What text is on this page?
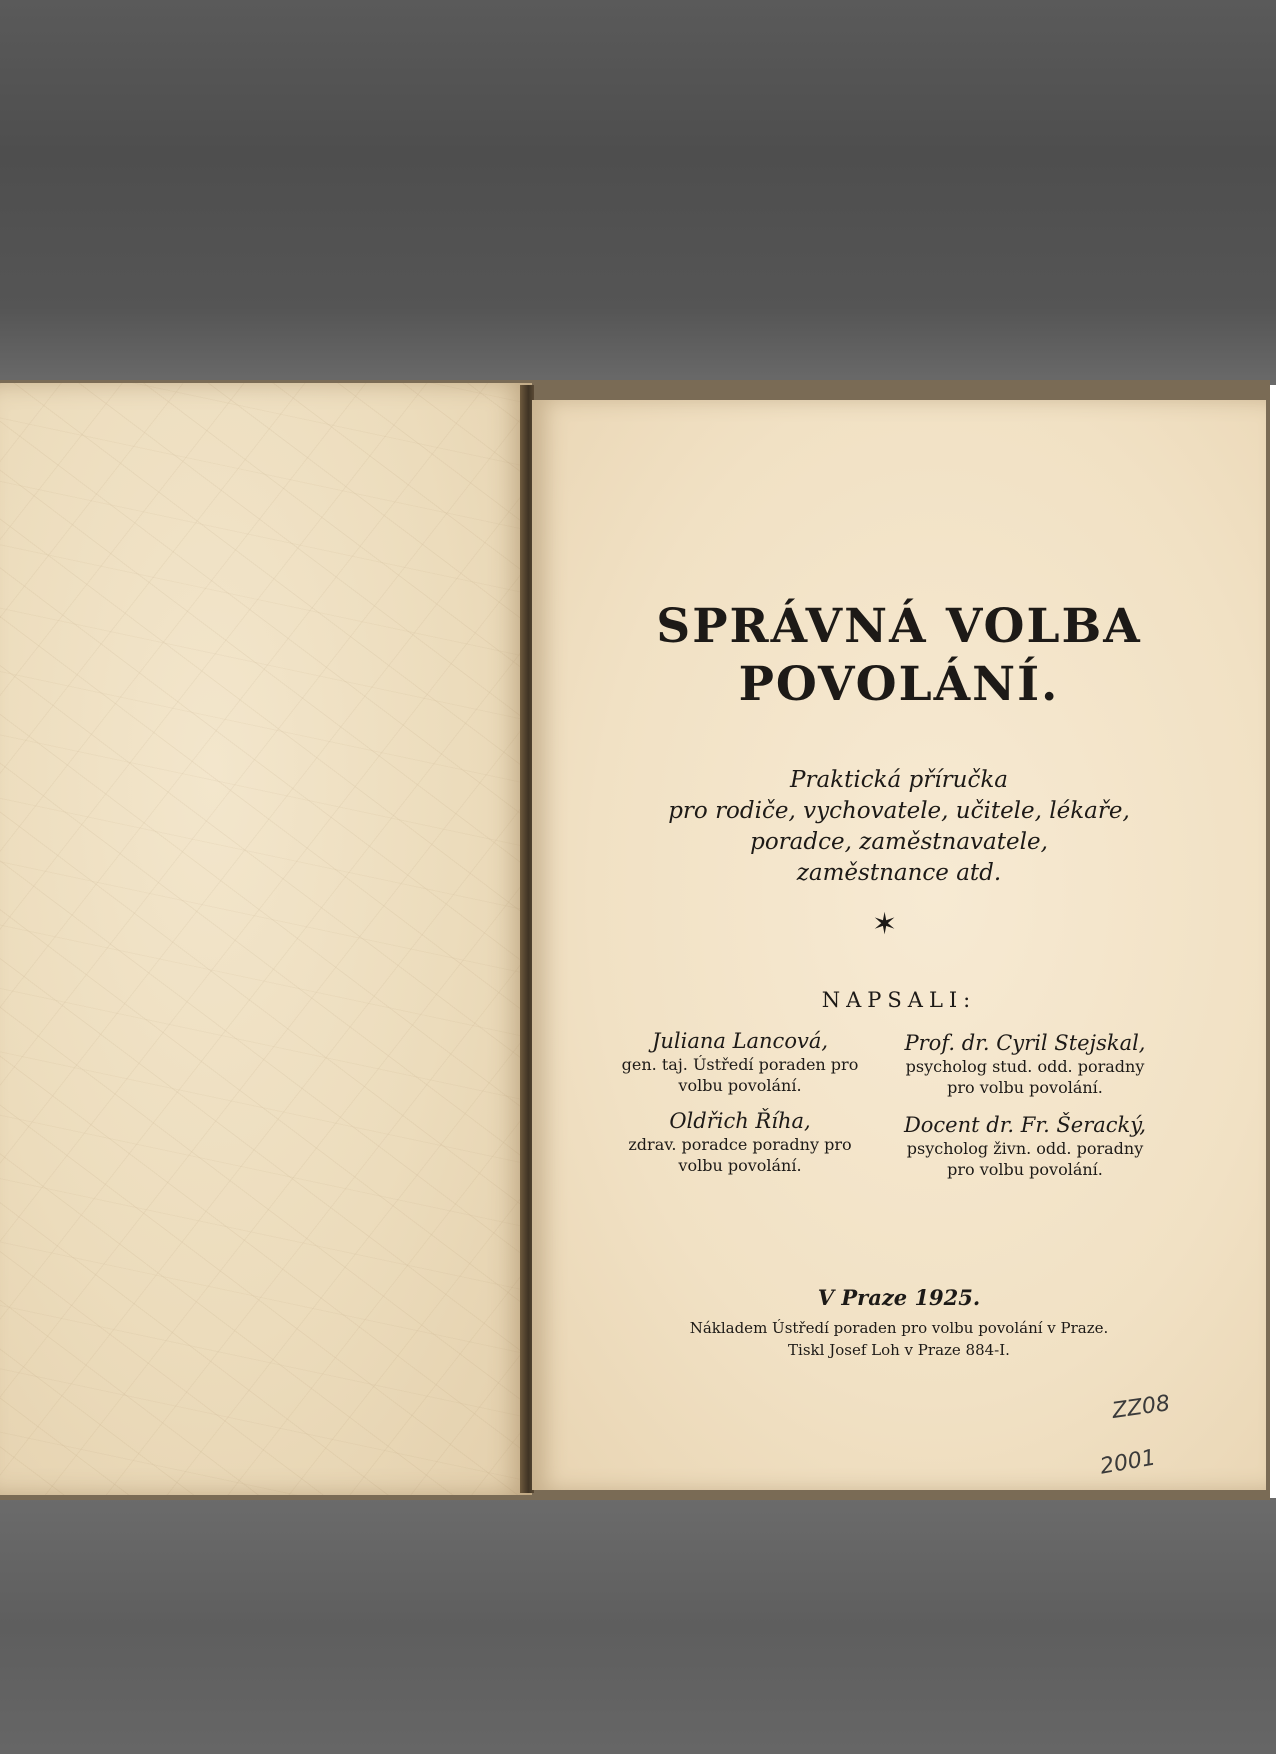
SPRÁVNÁ VOLBA
POVOLÁNÍ.
Praktická příručka
pro rodiče, vychovatele, učitele, lékaře,
poradce, zaměstnavatele,
zaměstnance atd.
✶
NAPSALI:
Juliana Lancová,
gen. taj. Ústředí poraden pro
volbu povolání.
Prof. dr. Cyril Stejskal,
psycholog stud. odd. poradny
pro volbu povolání.
Oldřich Říha,
zdrav. poradce poradny pro
volbu povolání.
Docent dr. Fr. Šeracký,
psycholog živn. odd. poradny
pro volbu povolání.
V Praze 1925.
Nákladem Ústředí poraden pro volbu povolání v Praze.
Tiskl Josef Loh v Praze 884-I.
ZZ08
2001
